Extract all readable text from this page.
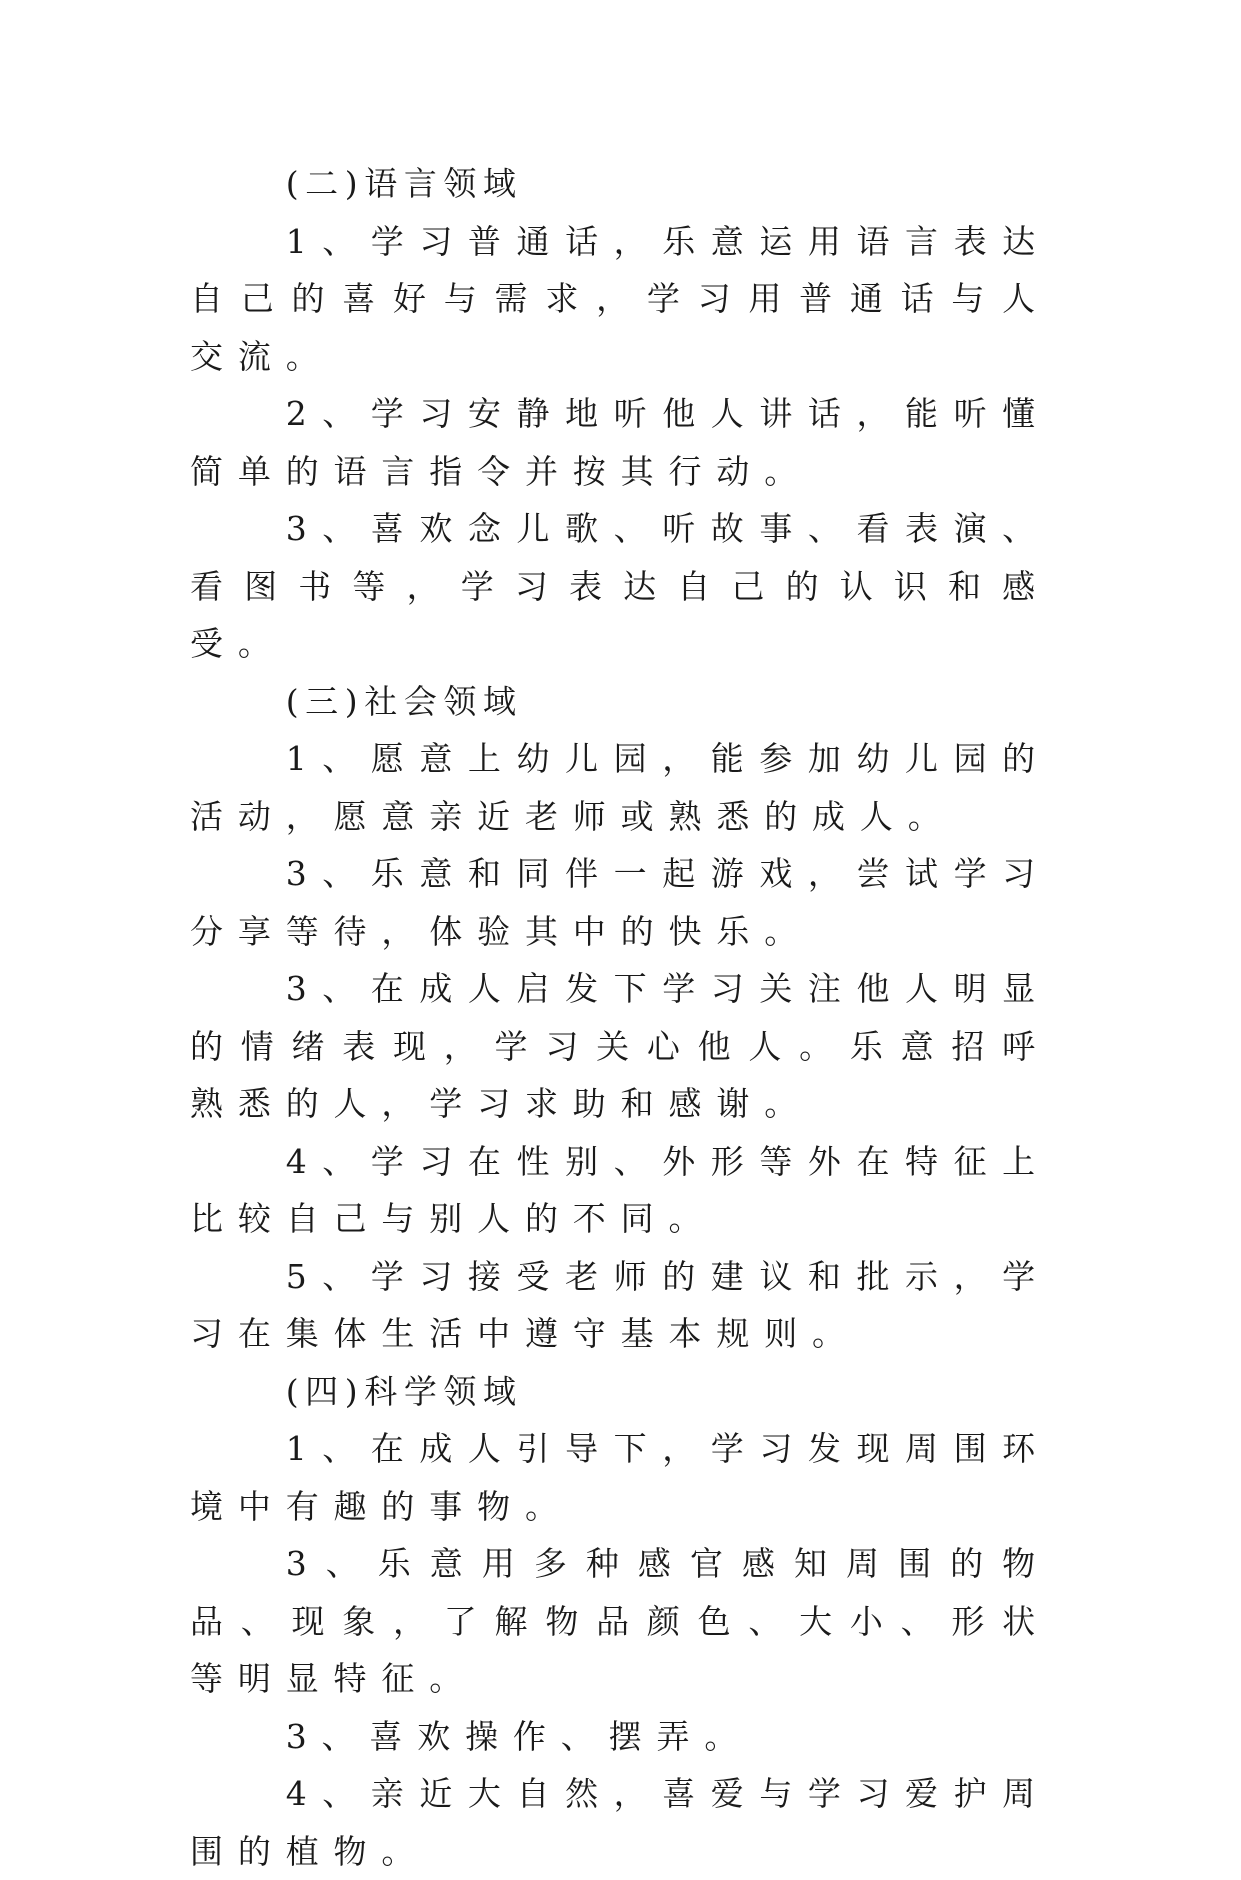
(二)语言领域

1、学习普通话，乐意运用语言表达自己的喜好与需求，学习用普通话与人交流。

2、学习安静地听他人讲话，能听懂简单的语言指令并按其行动。

3、喜欢念儿歌、听故事、看表演、看图书等，学习表达自己的认识和感受。

(三)社会领域

1、愿意上幼儿园，能参加幼儿园的活动，愿意亲近老师或熟悉的成人。

3、乐意和同伴一起游戏，尝试学习分享等待，体验其中的快乐。

3、在成人启发下学习关注他人明显的情绪表现，学习关心他人。乐意招呼熟悉的人，学习求助和感谢。

4、学习在性别、外形等外在特征上比较自己与别人的不同。

5、学习接受老师的建议和批示，学习在集体生活中遵守基本规则。

(四)科学领域

1、在成人引导下，学习发现周围环境中有趣的事物。

3、乐意用多种感官感知周围的物品、现象，了解物品颜色、大小、形状等明显特征。

3、喜欢操作、摆弄。

4、亲近大自然，喜爱与学习爱护周围的植物。
